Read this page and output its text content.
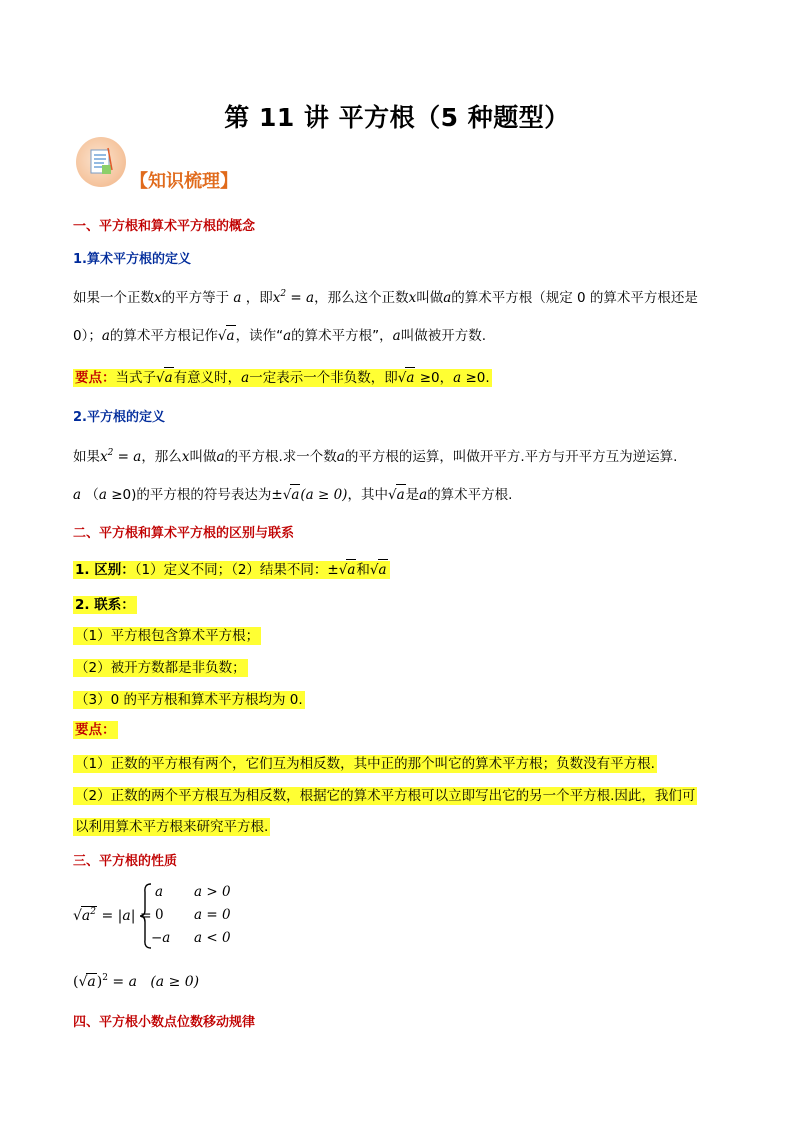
第 11 讲 平方根（5 种题型）
【知识梳理】
一、平方根和算术平方根的概念
1.算术平方根的定义
如果一个正数x的平方等于 a ，即$x^2 = a$，那么这个正数x叫做a的算术平方根（规定 0 的算术平方根还是
0）；a的算术平方根记作√a，读作“a的算术平方根”，a叫做被开方数.
要点：当式子√a有意义时，a一定表示一个非负数，即√a ≥0，a ≥0.
2.平方根的定义
如果$x^2 = a$，那么x叫做a的平方根.求一个数a的平方根的运算，叫做开平方.平方与开平方互为逆运算.
a （a ≥0)的平方根的符号表达为±√a(a ≥ 0)，其中√a是a的算术平方根.
二、平方根和算术平方根的区别与联系
1. 区别：（1）定义不同；（2）结果不同：±√a和√a
2. 联系：
（1）平方根包含算术平方根；
（2）被开方数都是非负数；
（3）0 的平方根和算术平方根均为 0.
要点：
（1）正数的平方根有两个，它们互为相反数，其中正的那个叫它的算术平方根；负数没有平方根.
（2）正数的两个平方根互为相反数，根据它的算术平方根可以立即写出它的另一个平方根.因此，我们可
以利用算术平方根来研究平方根.
三、平方根的性质
$√a^2 = |a|$ =
a a > 0
0 a = 0
−a a < 0
$(√a)^2 = a$ (a ≥ 0)
四、平方根小数点位数移动规律
